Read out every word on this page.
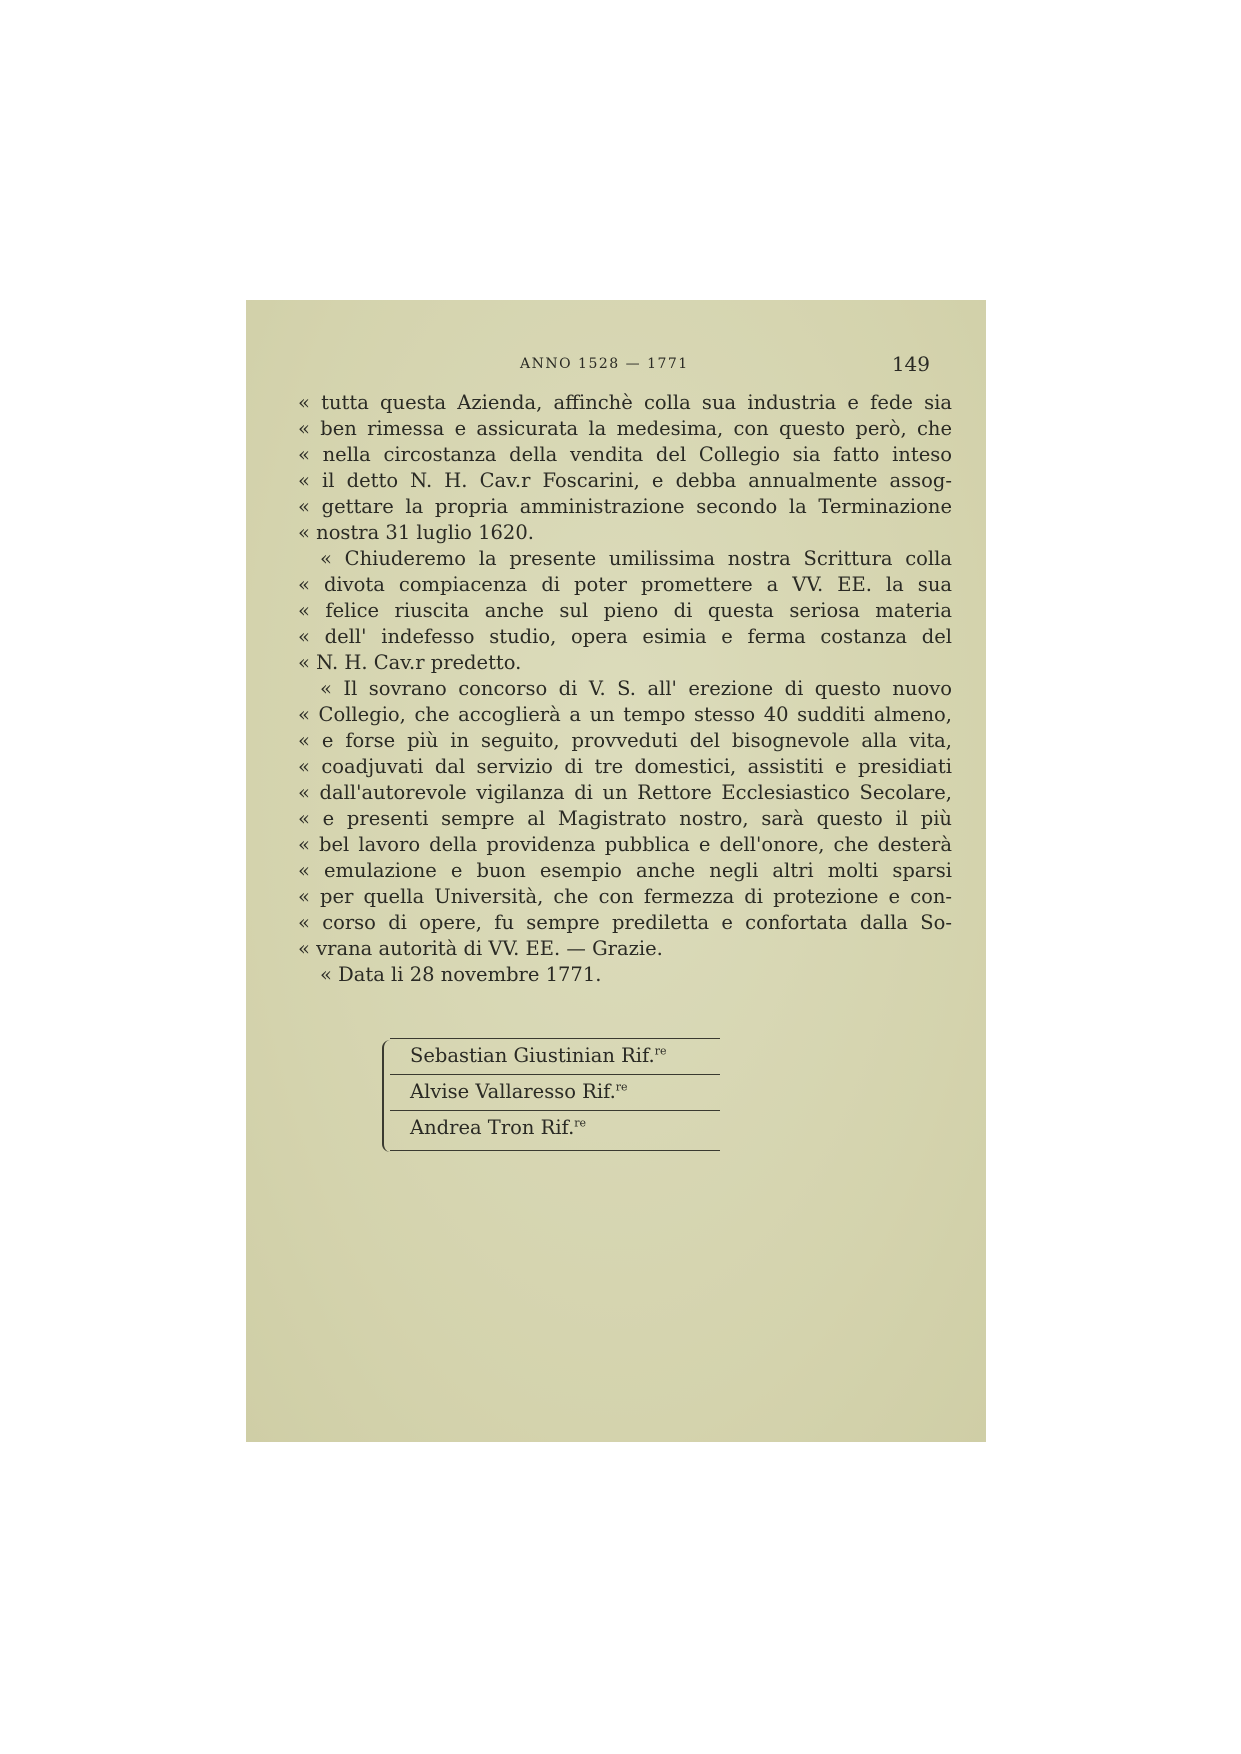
ANNO 1528 — 1771	149
« tutta questa Azienda, affinchè colla sua industria e fede sia
« ben rimessa e assicurata la medesima, con questo però, che
« nella circostanza della vendita del Collegio sia fatto inteso
« il detto N. H. Cav.r Foscarini, e debba annualmente assog-
« gettare la propria amministrazione secondo la Terminazione
« nostra 31 luglio 1620.
« Chiuderemo la presente umilissima nostra Scrittura colla
« divota compiacenza di poter promettere a VV. EE. la sua
« felice riuscita anche sul pieno di questa seriosa materia
« dell' indefesso studio, opera esimia e ferma costanza del
« N. H. Cav.r predetto.
« Il sovrano concorso di V. S. all' erezione di questo nuovo
« Collegio, che accoglierà a un tempo stesso 40 sudditi almeno,
« e forse più in seguito, provveduti del bisognevole alla vita,
« coadjuvati dal servizio di tre domestici, assistiti e presidiati
« dall'autorevole vigilanza di un Rettore Ecclesiastico Secolare,
« e presenti sempre al Magistrato nostro, sarà questo il più
« bel lavoro della providenza pubblica e dell'onore, che desterà
« emulazione e buon esempio anche negli altri molti sparsi
« per quella Università, che con fermezza di protezione e con-
« corso di opere, fu sempre prediletta e confortata dalla So-
« vrana autorità di VV. EE. — Grazie.
« Data li 28 novembre 1771.
Sebastian Giustinian Rif.$^{re}$
Alvise Vallaresso Rif.$^{re}$
Andrea Tron Rif.$^{re}$
